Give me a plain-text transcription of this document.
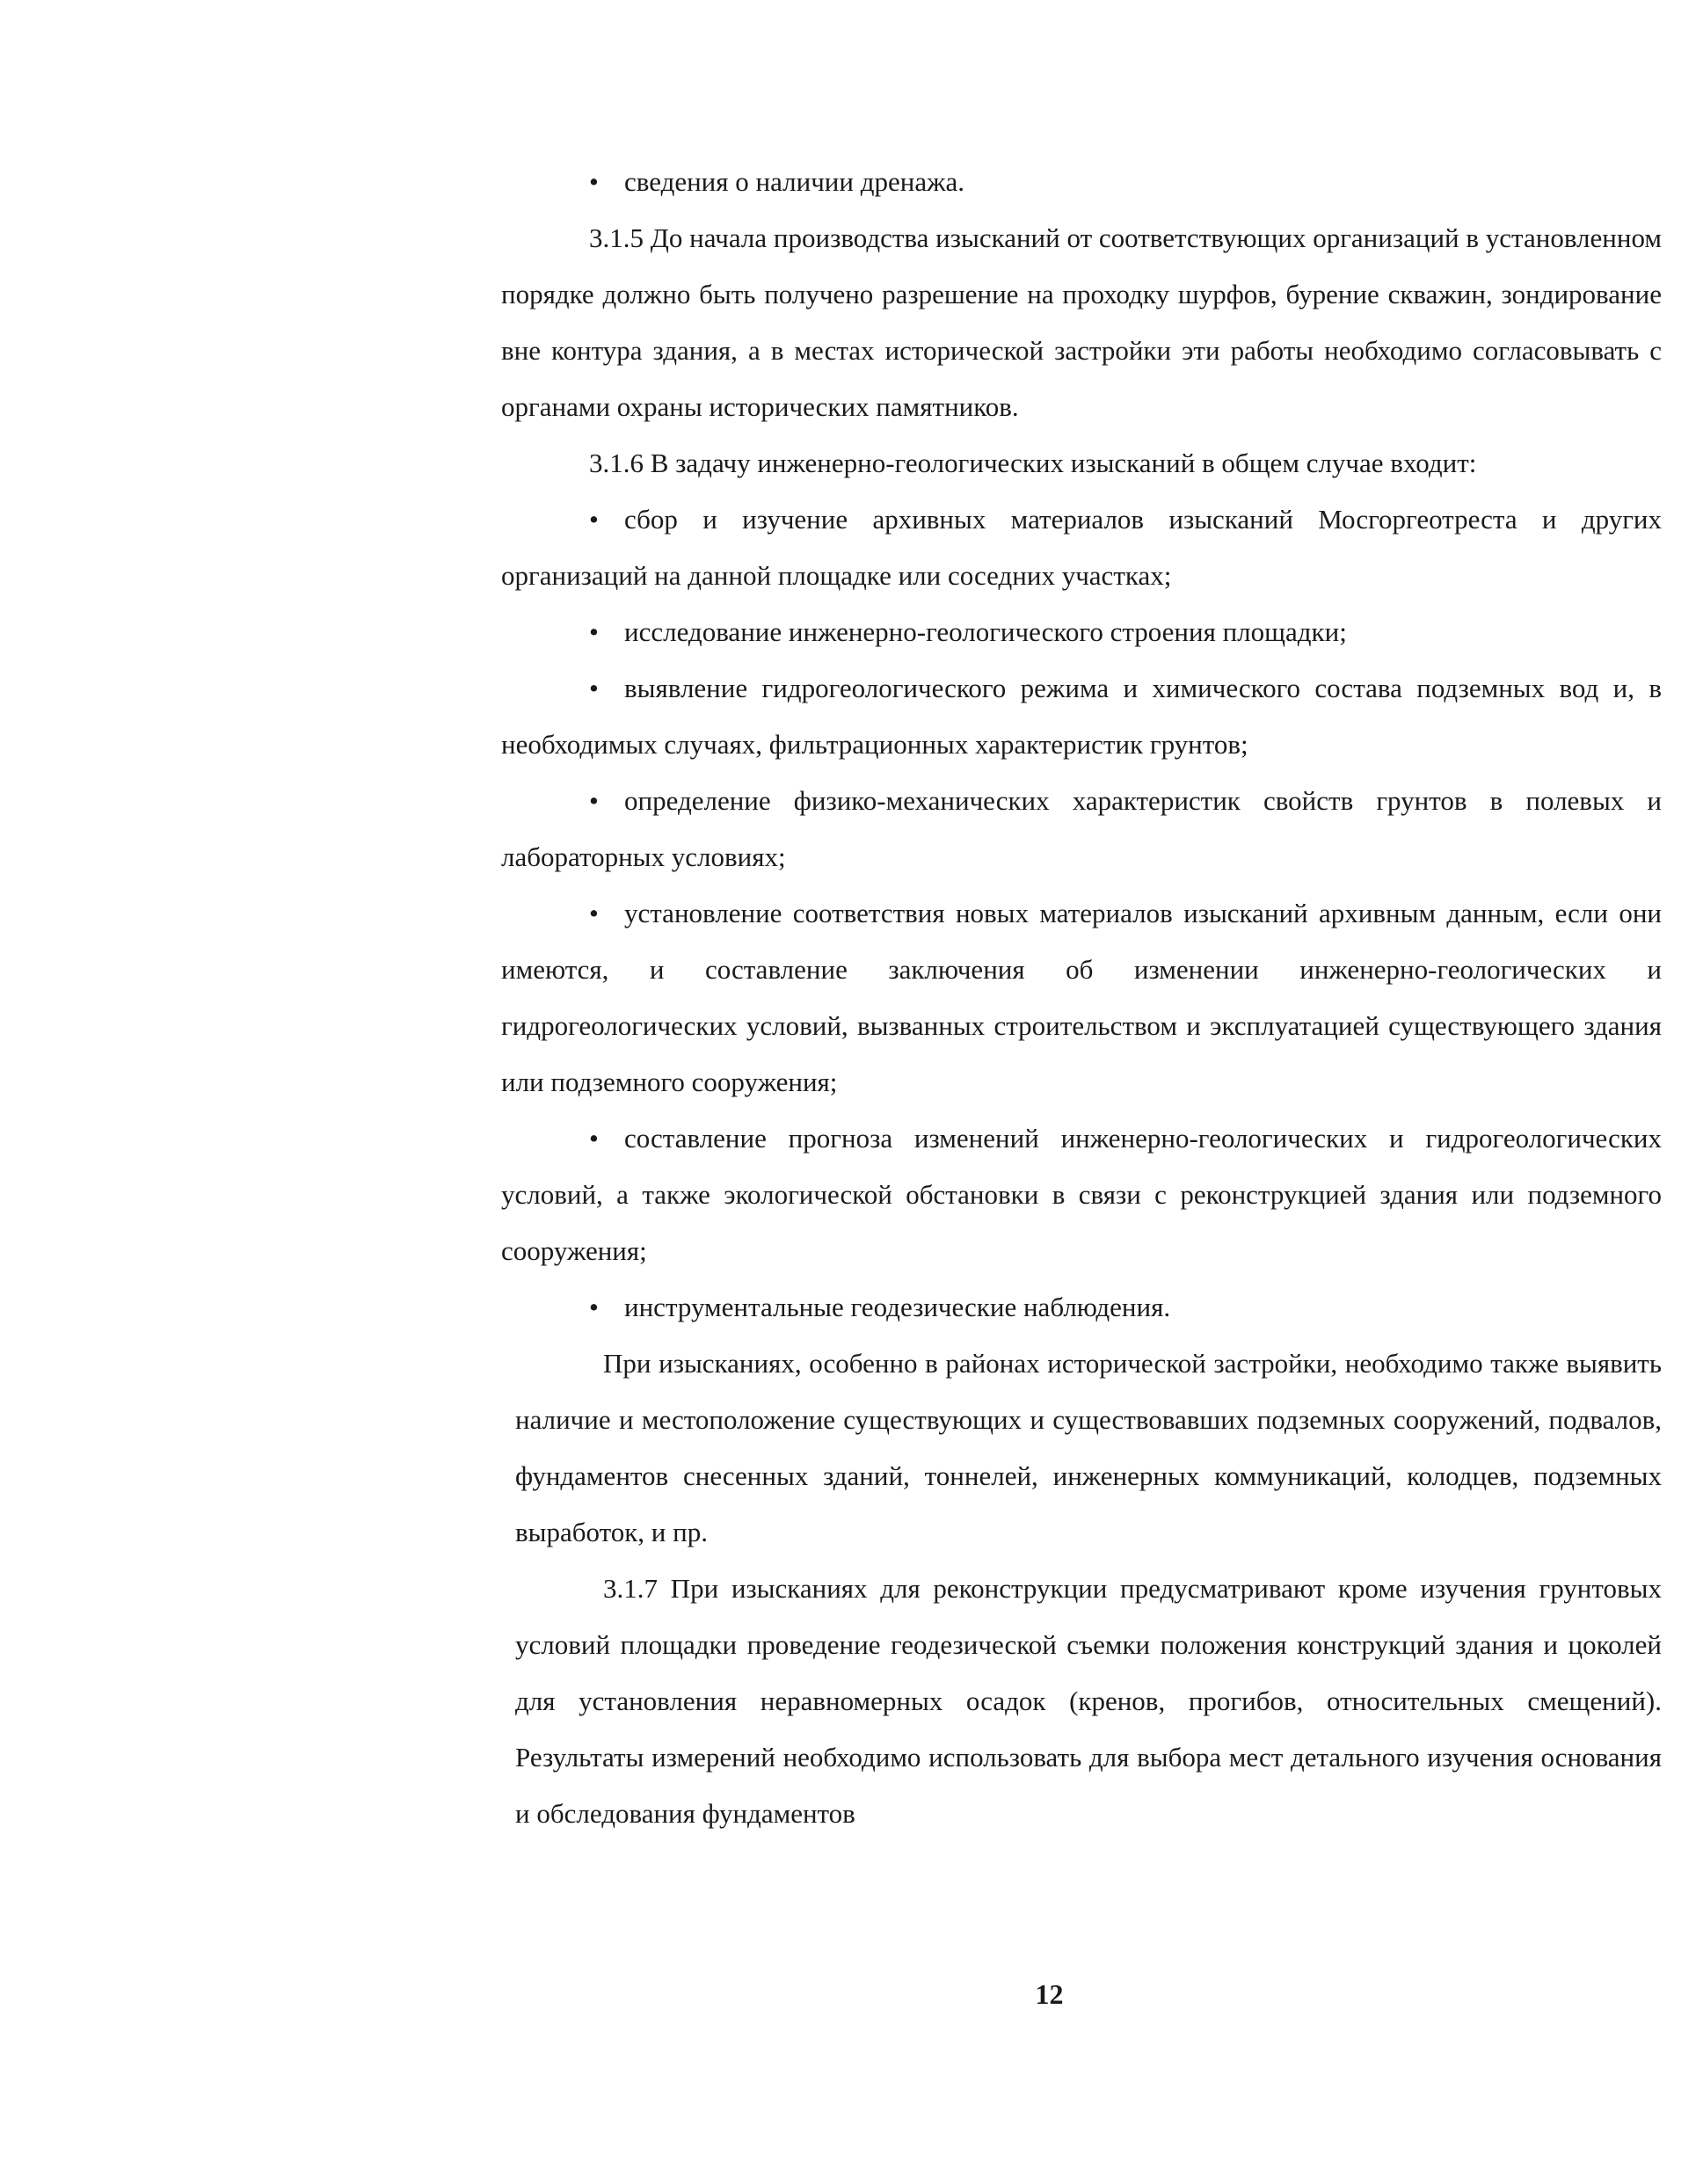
• сведения о наличии дренажа.

3.1.5 До начала производства изысканий от соответствующих организаций в установленном порядке должно быть получено разрешение на проходку шурфов, бурение скважин, зондирование вне контура здания, а в местах исторической застройки эти работы необходимо согласовывать с органами охраны исторических памятников.

3.1.6 В задачу инженерно-геологических изысканий в общем случае входит:

• сбор и изучение архивных материалов изысканий Мосгоргеотреста и других организаций на данной площадке или соседних участках;

• исследование инженерно-геологического строения площадки;

• выявление гидрогеологического режима и химического состава подземных вод и, в необходимых случаях, фильтрационных характеристик грунтов;

• определение физико-механических характеристик свойств грунтов в полевых и лабораторных условиях;

• установление соответствия новых материалов изысканий архивным данным, если они имеются, и составление заключения об изменении инженерно-геологических и гидрогеологических условий, вызванных строительством и эксплуатацией существующего здания или подземного сооружения;

• составление прогноза изменений инженерно-геологических и гидрогеологических условий, а также экологической обстановки в связи с реконструкцией здания или подземного сооружения;

• инструментальные геодезические наблюдения.

При изысканиях, особенно в районах исторической застройки, необходимо также выявить наличие и местоположение существующих и существовавших подземных сооружений, подвалов, фундаментов снесенных зданий, тоннелей, инженерных коммуникаций, колодцев, подземных выработок, и пр.

3.1.7 При изысканиях для реконструкции предусматривают кроме изучения грунтовых условий площадки проведение геодезической съемки положения конструкций здания и цоколей для установления неравномерных осадок (кренов, прогибов, относительных смещений). Результаты измерений необходимо использовать для выбора мест детального изучения основания и обследования фундаментов

12
